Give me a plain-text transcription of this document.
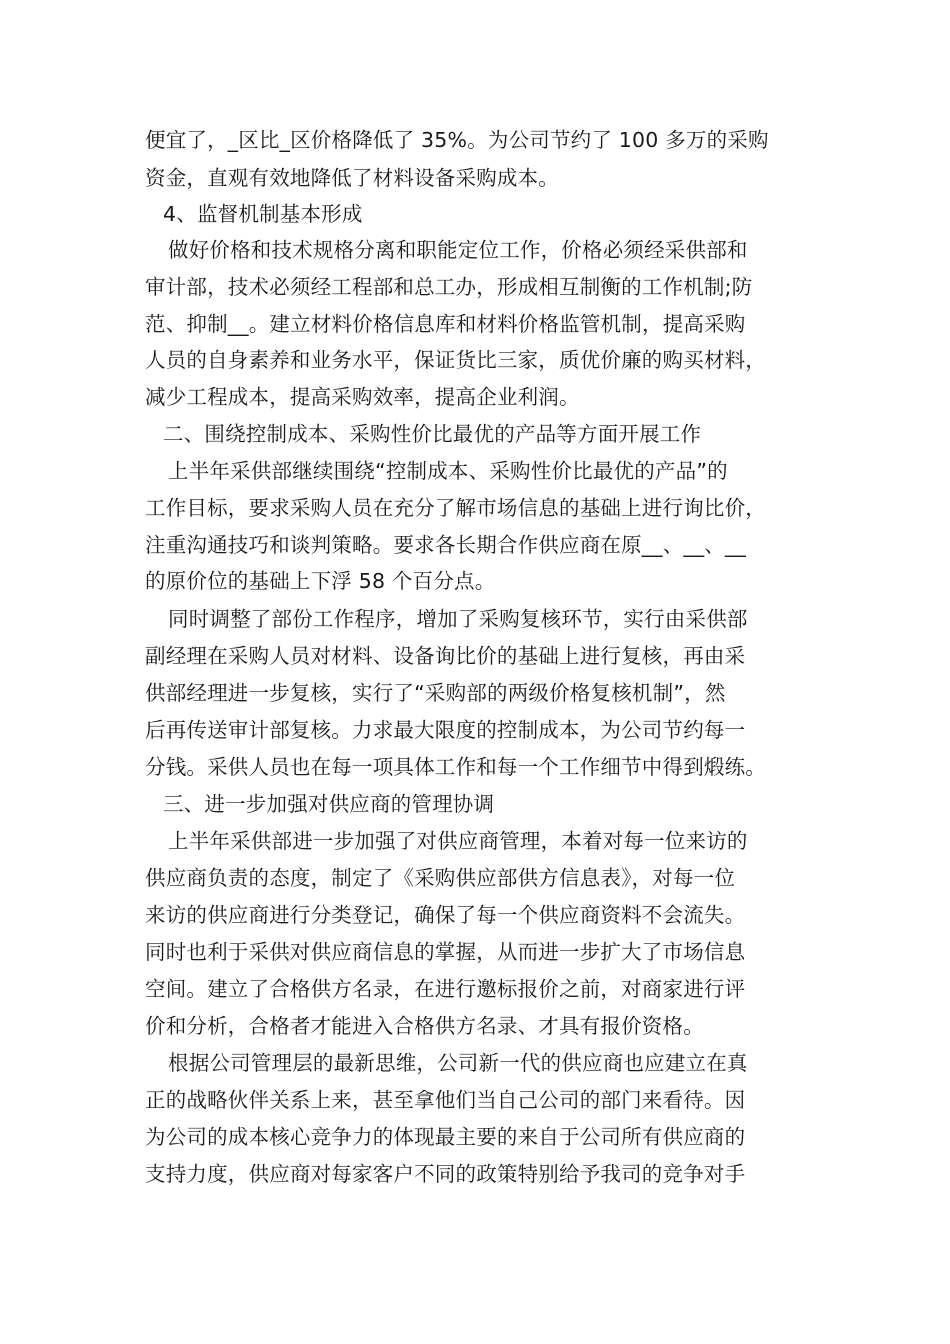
便宜了，_区比_区价格降低了 35%。为公司节约了 100 多万的采购
资金，直观有效地降低了材料设备采购成本。
4、监督机制基本形成
做好价格和技术规格分离和职能定位工作，价格必须经采供部和
审计部，技术必须经工程部和总工办，形成相互制衡的工作机制;防
范、抑制__。建立材料价格信息库和材料价格监管机制，提高采购
人员的自身素养和业务水平，保证货比三家，质优价廉的购买材料，
减少工程成本，提高采购效率，提高企业利润。
二、围绕控制成本、采购性价比最优的产品等方面开展工作
上半年采供部继续围绕“控制成本、采购性价比最优的产品”的
工作目标，要求采购人员在充分了解市场信息的基础上进行询比价，
注重沟通技巧和谈判策略。要求各长期合作供应商在原__、__、__
的原价位的基础上下浮 58 个百分点。
同时调整了部份工作程序，增加了采购复核环节，实行由采供部
副经理在采购人员对材料、设备询比价的基础上进行复核，再由采
供部经理进一步复核，实行了“采购部的两级价格复核机制”，然
后再传送审计部复核。力求最大限度的控制成本，为公司节约每一
分钱。采供人员也在每一项具体工作和每一个工作细节中得到煅练。
三、进一步加强对供应商的管理协调
上半年采供部进一步加强了对供应商管理，本着对每一位来访的
供应商负责的态度，制定了《采购供应部供方信息表》，对每一位
来访的供应商进行分类登记，确保了每一个供应商资料不会流失。
同时也利于采供对供应商信息的掌握，从而进一步扩大了市场信息
空间。建立了合格供方名录，在进行邀标报价之前，对商家进行评
价和分析，合格者才能进入合格供方名录、才具有报价资格。
根据公司管理层的最新思维，公司新一代的供应商也应建立在真
正的战略伙伴关系上来，甚至拿他们当自己公司的部门来看待。因
为公司的成本核心竞争力的体现最主要的来自于公司所有供应商的
支持力度，供应商对每家客户不同的政策特别给予我司的竞争对手
